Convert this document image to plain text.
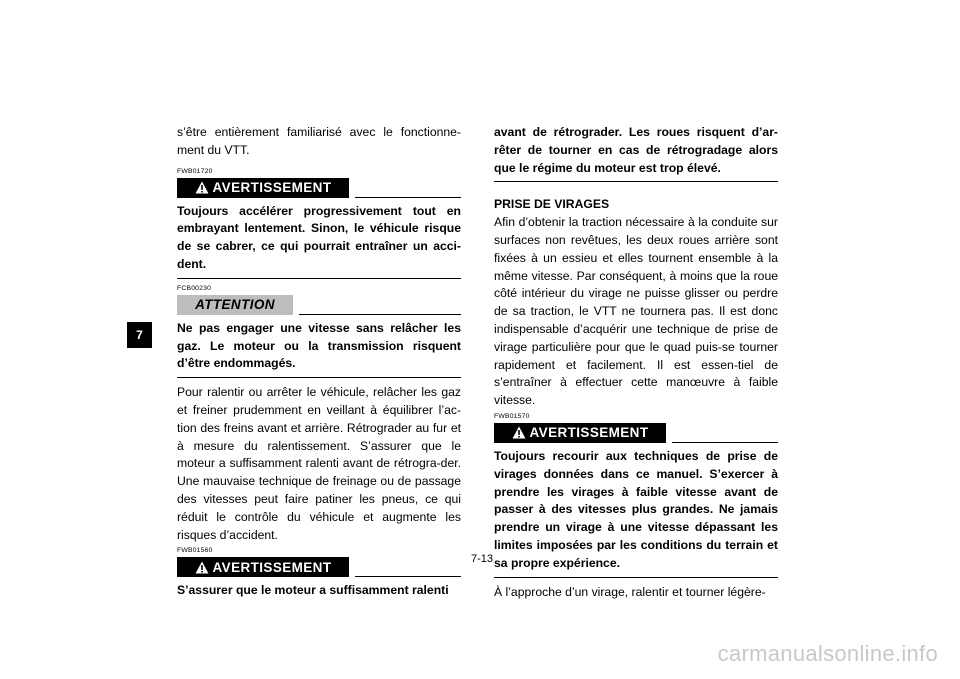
7

s’être entièrement familiarisé avec le fonctionne-ment du VTT.

FWB01720
AVERTISSEMENT

Toujours accélérer progressivement tout en embrayant lentement. Sinon, le véhicule risque de se cabrer, ce qui pourrait entraîner un acci-dent.

FCB00230
ATTENTION

Ne pas engager une vitesse sans relâcher les gaz. Le moteur ou la transmission risquent d’être endommagés.

Pour ralentir ou arrêter le véhicule, relâcher les gaz et freiner prudemment en veillant à équilibrer l’ac-tion des freins avant et arrière. Rétrograder au fur et à mesure du ralentissement. S’assurer que le moteur a suffisamment ralenti avant de rétrogra-der. Une mauvaise technique de freinage ou de passage des vitesses peut faire patiner les pneus, ce qui réduit le contrôle du véhicule et augmente les risques d’accident.

FWB01560
AVERTISSEMENT

S’assurer que le moteur a suffisamment ralenti

avant de rétrograder. Les roues risquent d’ar-rêter de tourner en cas de rétrogradage alors que le régime du moteur est trop élevé.

PRISE DE VIRAGES

Afin d’obtenir la traction nécessaire à la conduite sur surfaces non revêtues, les deux roues arrière sont fixées à un essieu et elles tournent ensemble à la même vitesse. Par conséquent, à moins que la roue côté intérieur du virage ne puisse glisser ou perdre de sa traction, le VTT ne tournera pas. Il est donc indispensable d’acquérir une technique de prise de virage particulière pour que le quad puis-se tourner rapidement et facilement. Il est essen-tiel de s’entraîner à effectuer cette manœuvre à faible vitesse.

FWB01570
AVERTISSEMENT

Toujours recourir aux techniques de prise de virages données dans ce manuel. S’exercer à prendre les virages à faible vitesse avant de passer à des vitesses plus grandes. Ne jamais prendre un virage à une vitesse dépassant les limites imposées par les conditions du terrain et sa propre expérience.

À l’approche d’un virage, ralentir et tourner légère-

7-13
carmanualsonline.info
